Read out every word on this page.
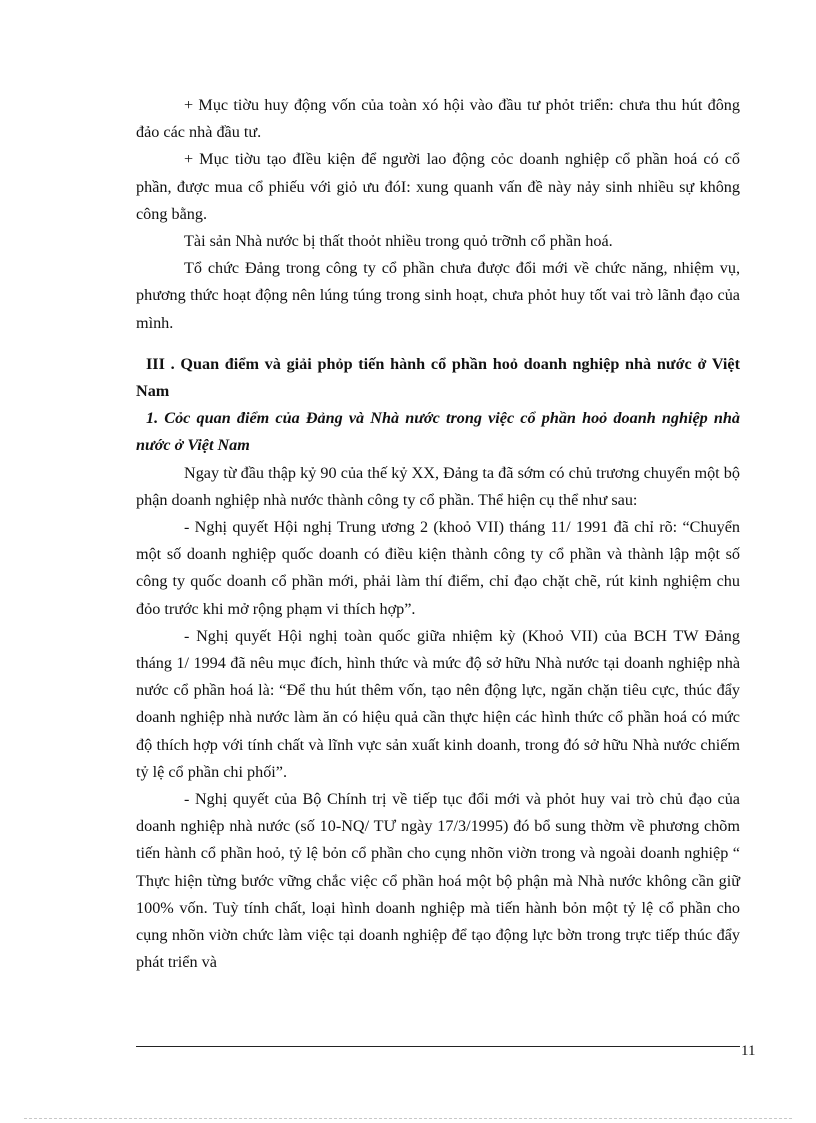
+ Mục tiờu huy động vốn của toàn xó hội vào đầu tư phỏt triển: chưa thu hút đông đảo các nhà đầu tư.

+ Mục tiờu tạo đIều kiện để người lao động cỏc doanh nghiệp cổ phần hoá có cổ phần, được mua cổ phiếu với giỏ ưu đóI: xung quanh vấn đề này nảy sinh nhiều sự không công bằng.

Tài sản Nhà nước bị thất thoỏt nhiều trong quỏ trỡnh cổ phần hoá.

Tổ chức Đảng trong công ty cổ phần chưa được đổi mới về chức năng, nhiệm vụ, phương thức hoạt động nên lúng túng trong sinh hoạt, chưa phỏt huy tốt vai trò lãnh đạo của mình.

III . Quan điểm và giải phỏp tiến hành cổ phần hoỏ doanh nghiệp nhà nước ở Việt Nam

1. Cỏc quan điểm của Đảng và Nhà nước trong việc cổ phần hoỏ doanh nghiệp nhà nước ở Việt Nam

Ngay từ đầu thập kỷ 90 của thế kỷ XX, Đảng ta đã sớm có chủ trương chuyển một bộ phận doanh nghiệp nhà nước thành công ty cổ phần. Thể hiện cụ thể như sau:

- Nghị quyết Hội nghị Trung ương 2 (khoỏ VII) tháng 11/ 1991 đã chỉ rõ: “Chuyển một số doanh nghiệp quốc doanh có điều kiện thành công ty cổ phần và thành lập một số công ty quốc doanh cổ phần mới, phải làm thí điểm, chỉ đạo chặt chẽ, rút kinh nghiệm chu đỏo trước khi mở rộng phạm vi thích hợp”.

- Nghị quyết Hội nghị toàn quốc giữa nhiệm kỳ (Khoỏ VII) của BCH TW Đảng tháng 1/ 1994 đã nêu mục đích, hình thức và mức độ sở hữu Nhà nước tại doanh nghiệp nhà nước cổ phần hoá là: “Để thu hút thêm vốn, tạo nên động lực, ngăn chặn tiêu cực, thúc đẩy doanh nghiệp nhà nước làm ăn có hiệu quả cần thực hiện các hình thức cổ phần hoá có mức độ thích hợp với tính chất và lĩnh vực sản xuất kinh doanh, trong đó sở hữu Nhà nước chiếm tỷ lệ cổ phần chi phối”.

- Nghị quyết của Bộ Chính trị về tiếp tục đổi mới và phỏt huy vai trò chủ đạo của doanh nghiệp nhà nước (số 10-NQ/ TƯ ngày 17/3/1995) đó bổ sung thờm về phương chõm tiến hành cổ phần hoỏ, tỷ lệ bỏn cổ phần cho cụng nhõn viờn trong và ngoài doanh nghiệp “ Thực hiện từng bước vững chắc việc cổ phần hoá một bộ phận mà Nhà nước không cần giữ 100% vốn. Tuỳ tính chất, loại hình doanh nghiệp mà tiến hành bỏn một tỷ lệ cổ phần cho cụng nhõn viờn chức làm việc tại doanh nghiệp để tạo động lực bờn trong trực tiếp thúc đẩy phát triển và

11
